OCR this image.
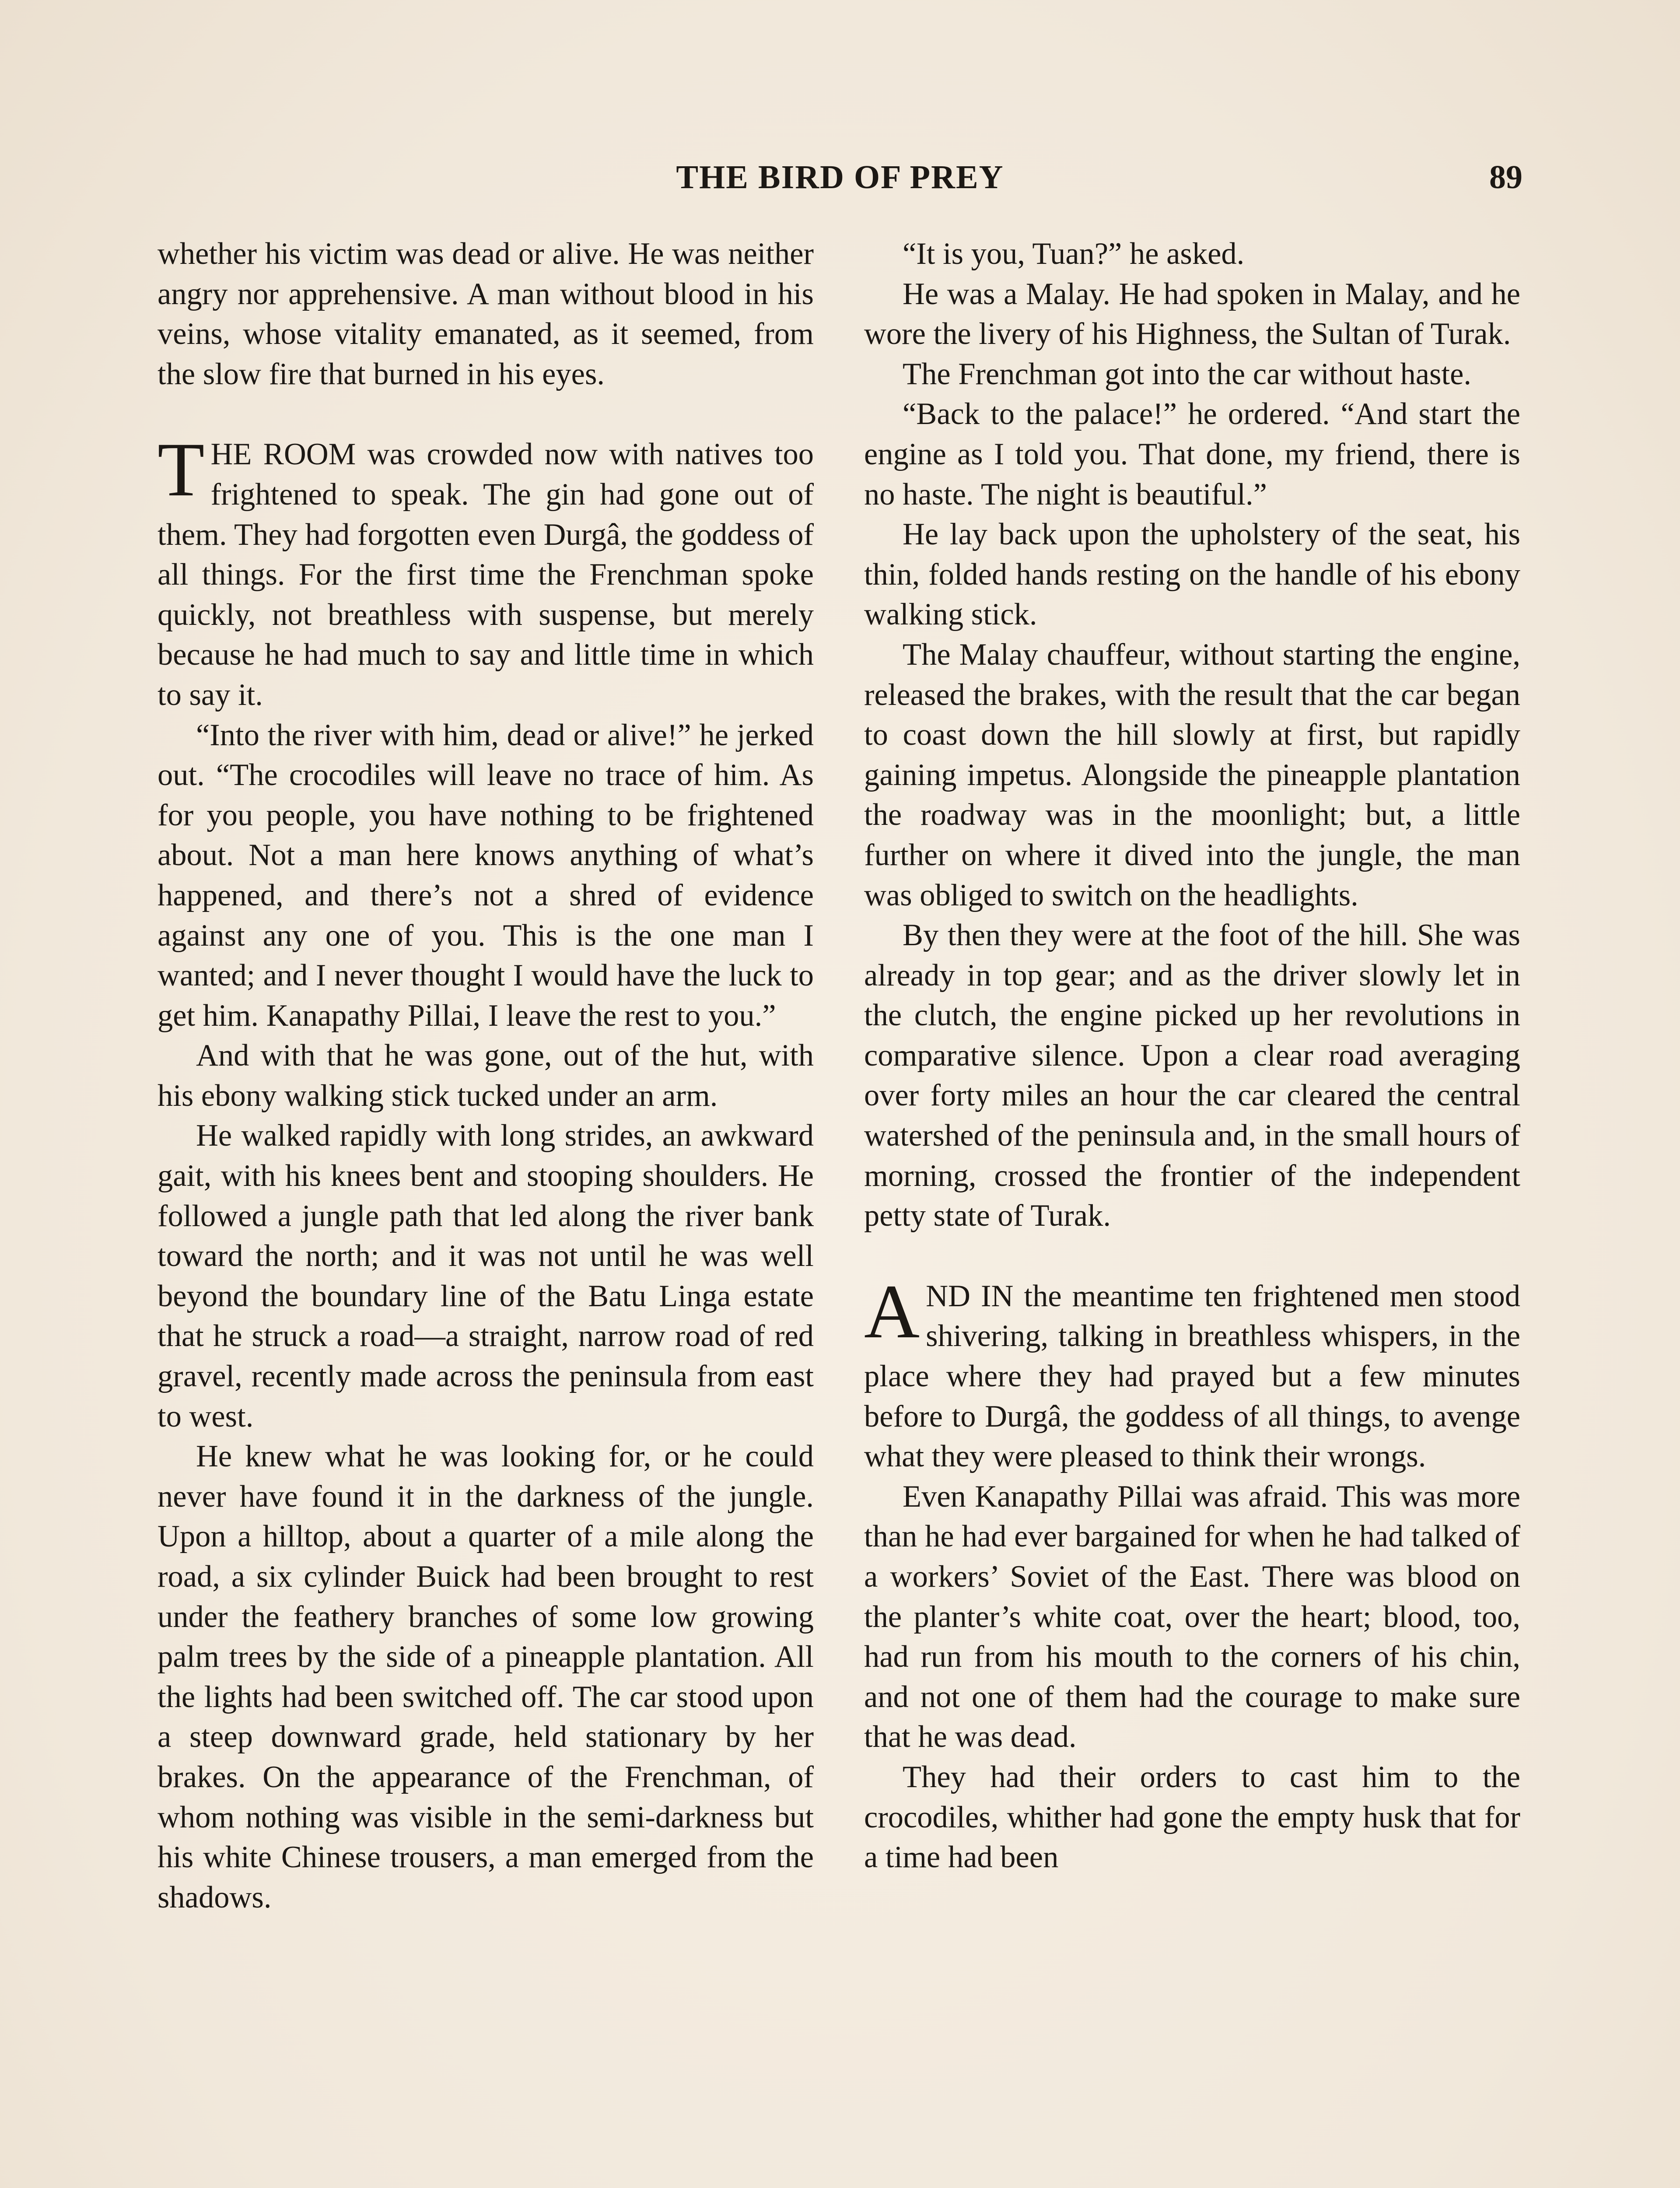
THE BIRD OF PREY	89

whether his victim was dead or alive. He was neither angry nor apprehensive. A man without blood in his veins, whose vitality emanated, as it seemed, from the slow fire that burned in his eyes.

THE ROOM was crowded now with natives too frightened to speak. The gin had gone out of them. They had forgotten even Durgâ, the goddess of all things. For the first time the Frenchman spoke quickly, not breathless with suspense, but merely because he had much to say and little time in which to say it.

“Into the river with him, dead or alive!” he jerked out. “The crocodiles will leave no trace of him. As for you people, you have nothing to be frightened about. Not a man here knows anything of what’s happened, and there’s not a shred of evidence against any one of you. This is the one man I wanted; and I never thought I would have the luck to get him. Kanapathy Pillai, I leave the rest to you.”

And with that he was gone, out of the hut, with his ebony walking stick tucked under an arm.

He walked rapidly with long strides, an awkward gait, with his knees bent and stooping shoulders. He followed a jungle path that led along the river bank toward the north; and it was not until he was well beyond the boundary line of the Batu Linga estate that he struck a road—a straight, narrow road of red gravel, recently made across the peninsula from east to west.

He knew what he was looking for, or he could never have found it in the darkness of the jungle. Upon a hilltop, about a quarter of a mile along the road, a six cylinder Buick had been brought to rest under the feathery branches of some low growing palm trees by the side of a pineapple plantation. All the lights had been switched off. The car stood upon a steep downward grade, held stationary by her brakes. On the appearance of the Frenchman, of whom nothing was visible in the semi-darkness but his white Chinese trousers, a man emerged from the shadows.

“It is you, Tuan?” he asked.

He was a Malay. He had spoken in Malay, and he wore the livery of his Highness, the Sultan of Turak.

The Frenchman got into the car without haste.

“Back to the palace!” he ordered. “And start the engine as I told you. That done, my friend, there is no haste. The night is beautiful.”

He lay back upon the upholstery of the seat, his thin, folded hands resting on the handle of his ebony walking stick.

The Malay chauffeur, without starting the engine, released the brakes, with the result that the car began to coast down the hill slowly at first, but rapidly gaining impetus. Alongside the pineapple plantation the roadway was in the moonlight; but, a little further on where it dived into the jungle, the man was obliged to switch on the headlights.

By then they were at the foot of the hill. She was already in top gear; and as the driver slowly let in the clutch, the engine picked up her revolutions in comparative silence. Upon a clear road averaging over forty miles an hour the car cleared the central watershed of the peninsula and, in the small hours of morning, crossed the frontier of the independent petty state of Turak.

AND IN the meantime ten frightened men stood shivering, talking in breathless whispers, in the place where they had prayed but a few minutes before to Durgâ, the goddess of all things, to avenge what they were pleased to think their wrongs.

Even Kanapathy Pillai was afraid. This was more than he had ever bargained for when he had talked of a workers’ Soviet of the East. There was blood on the planter’s white coat, over the heart; blood, too, had run from his mouth to the corners of his chin, and not one of them had the courage to make sure that he was dead.

They had their orders to cast him to the crocodiles, whither had gone the empty husk that for a time had been
